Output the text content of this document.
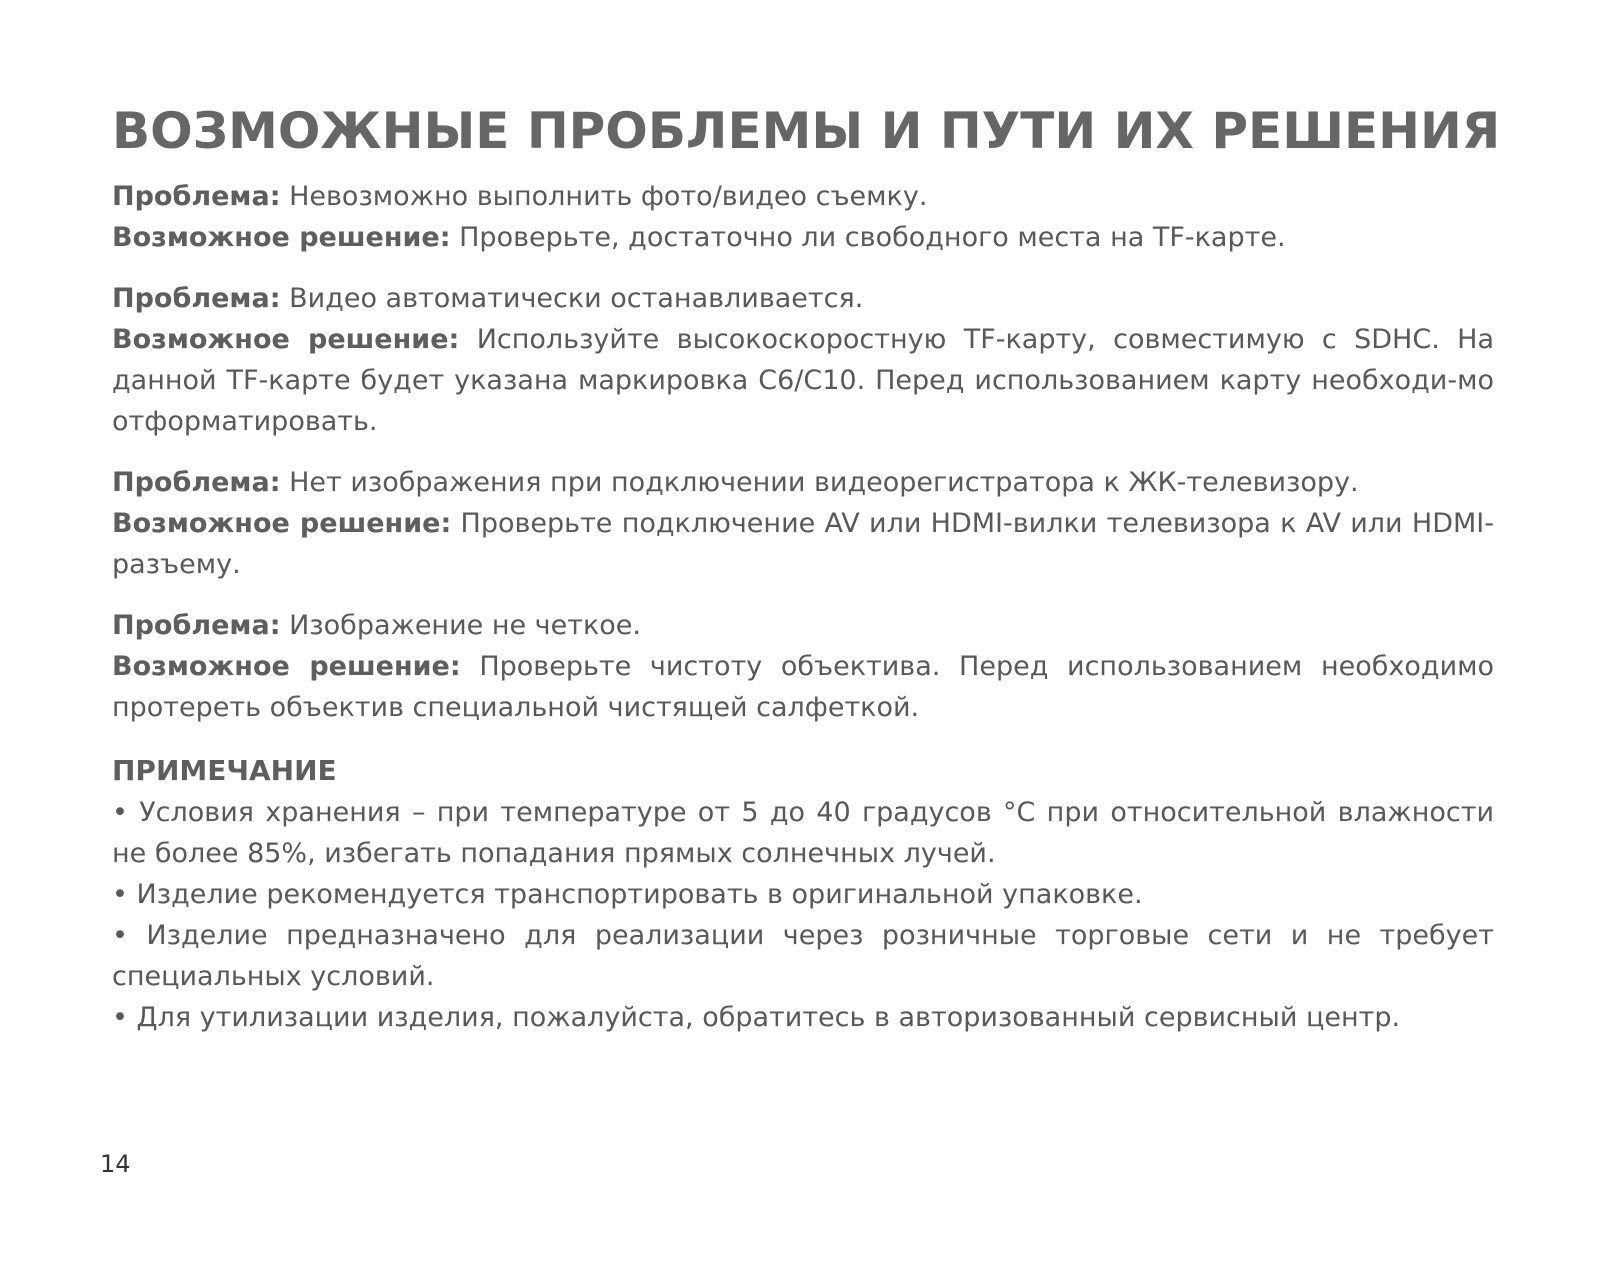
ВОЗМОЖНЫЕ ПРОБЛЕМЫ И ПУТИ ИХ РЕШЕНИЯ

Проблема: Невозможно выполнить фото/видео съемку.

Возможное решение: Проверьте, достаточно ли свободного места на TF-карте.

Проблема: Видео автоматически останавливается.

Возможное решение: Используйте высокоскоростную TF-карту, совместимую с SDHC. На данной TF-карте будет указана маркировка C6/C10. Перед использованием карту необходи-мо отформатировать.

Проблема: Нет изображения при подключении видеорегистратора к ЖК-телевизору.

Возможное решение: Проверьте подключение AV или HDMI-вилки телевизора к AV или HDMI-разъему.

Проблема: Изображение не четкое.

Возможное решение: Проверьте чистоту объектива. Перед использованием необходимо протереть объектив специальной чистящей салфеткой.

ПРИМЕЧАНИЕ

• Условия хранения – при температуре от 5 до 40 градусов °С при относительной влажности не более 85%, избегать попадания прямых солнечных лучей.

• Изделие рекомендуется транспортировать в оригинальной упаковке.

• Изделие предназначено для реализации через розничные торговые сети и не требует специальных условий.

• Для утилизации изделия, пожалуйста, обратитесь в авторизованный сервисный центр.

14
